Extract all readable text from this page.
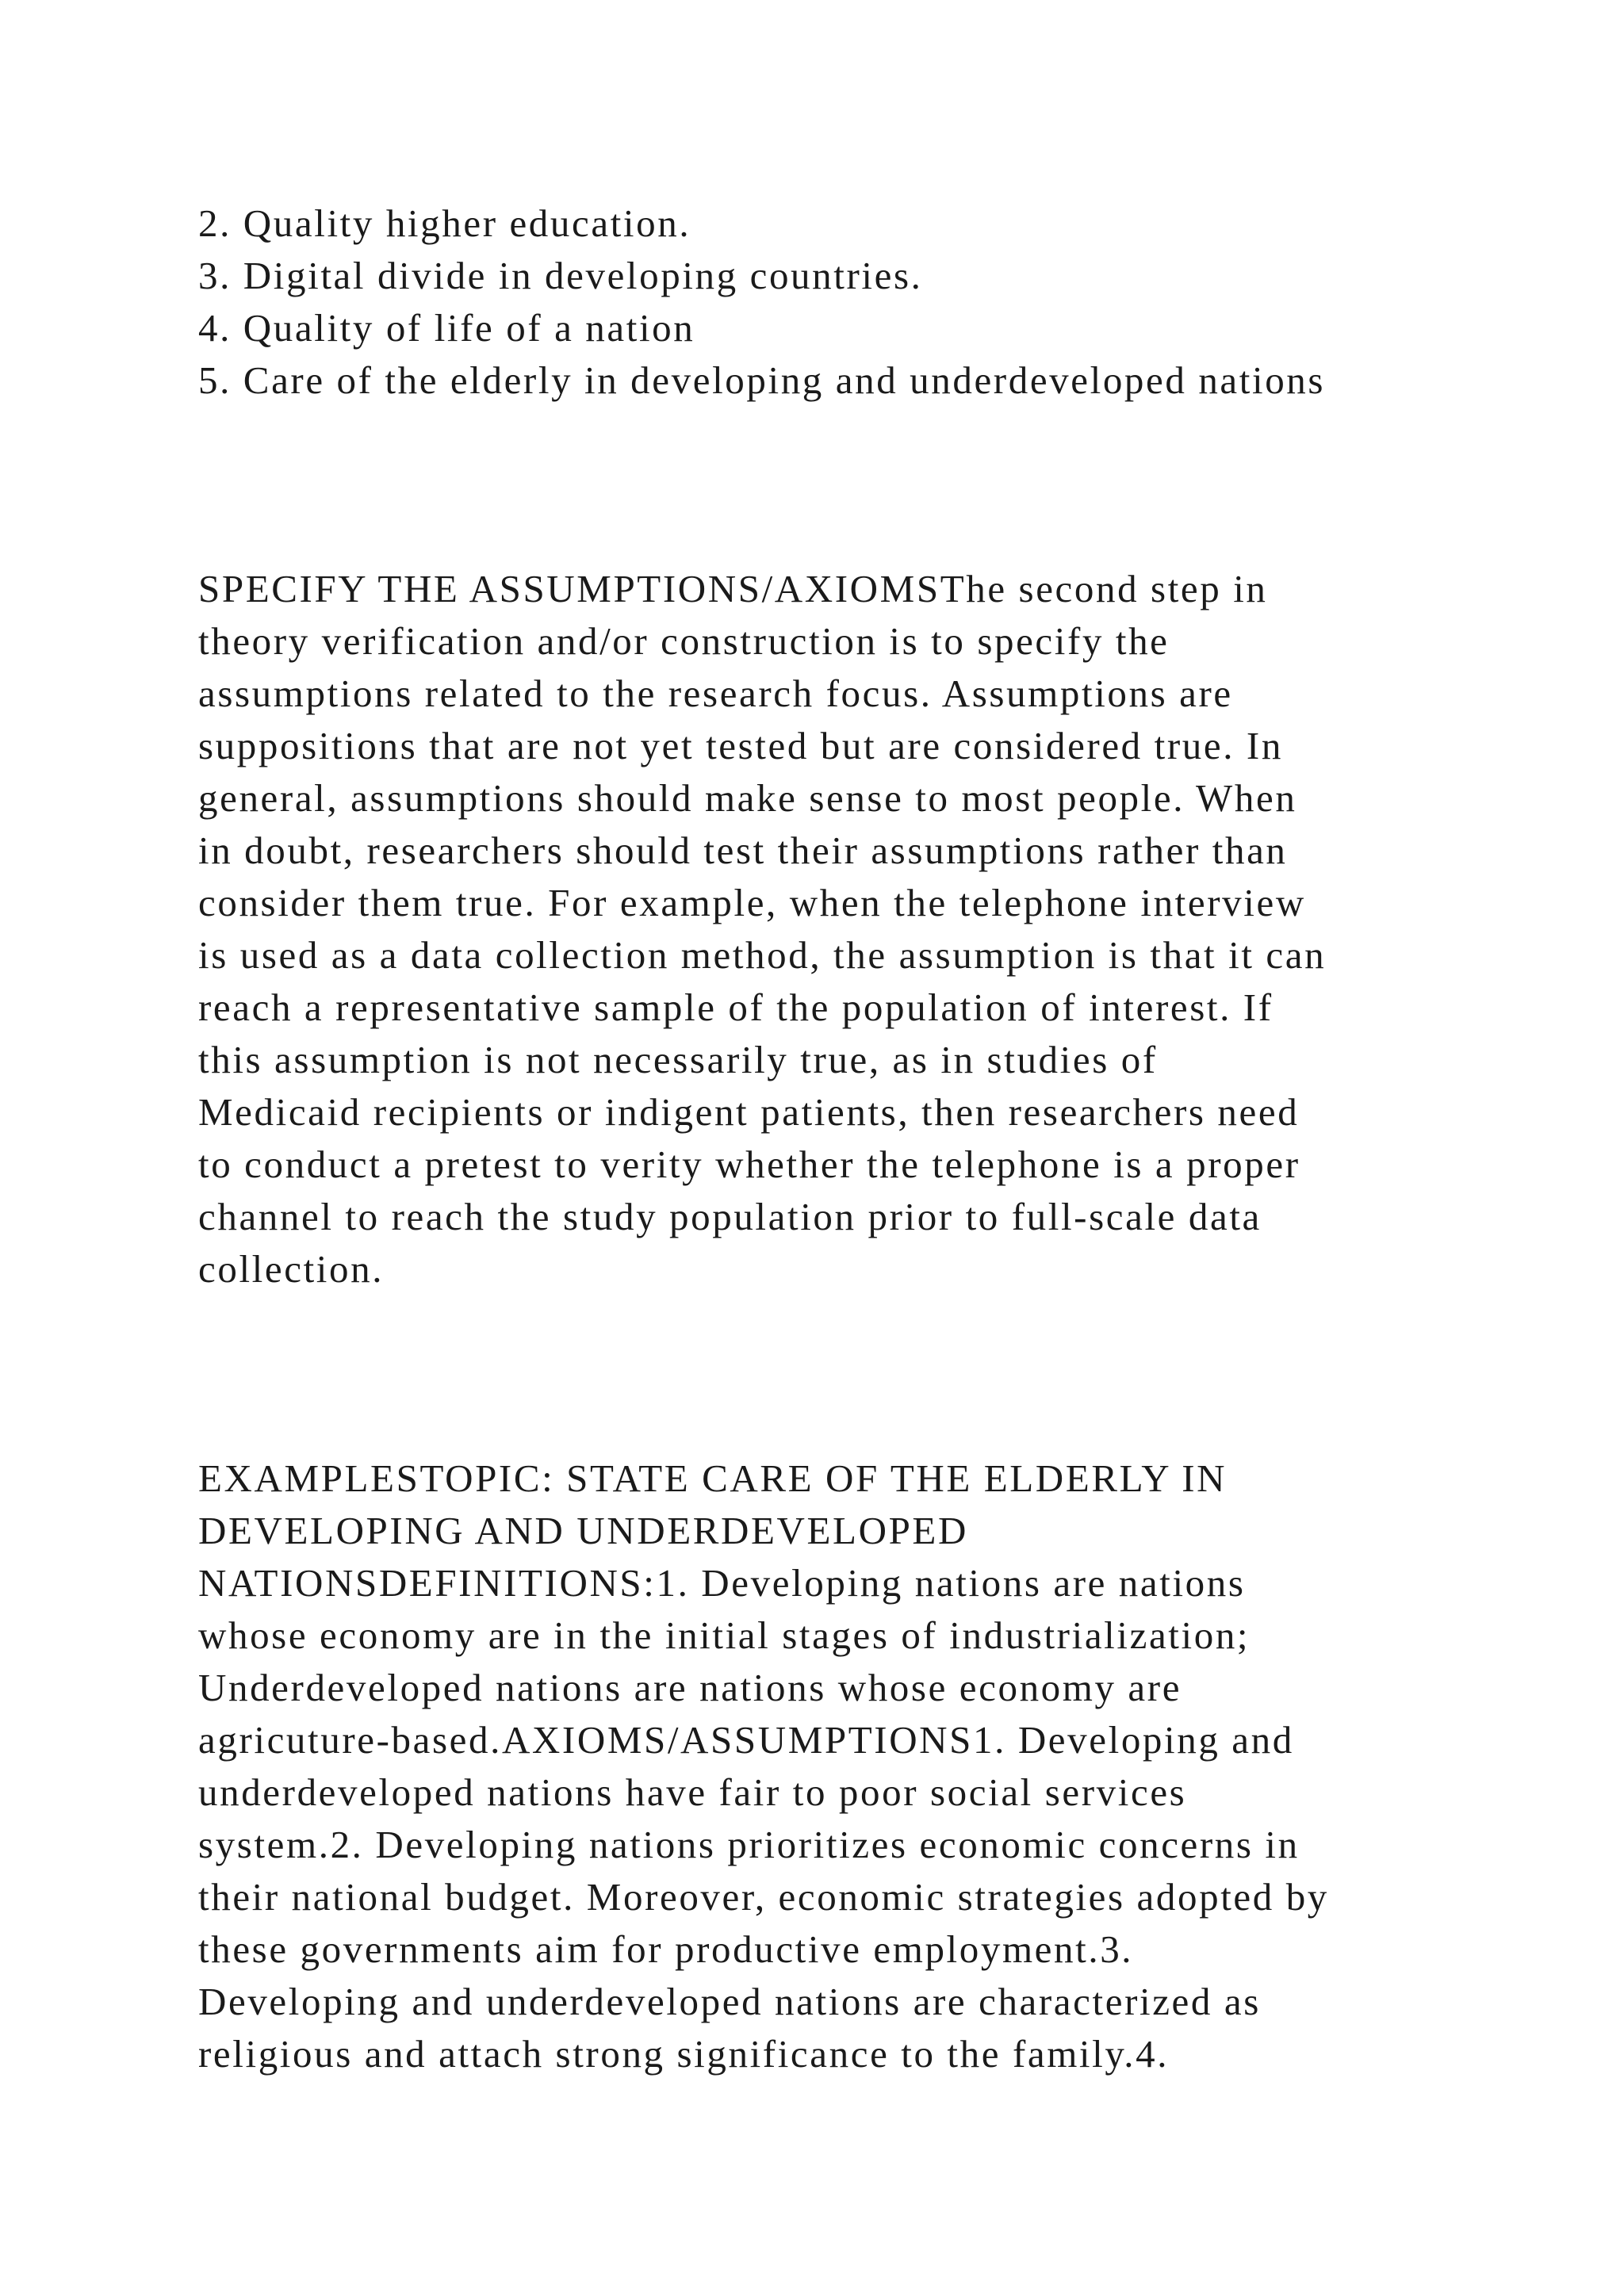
2. Quality higher education.
3. Digital divide in developing countries.
4. Quality of life of a nation
5. Care of the elderly in developing and underdeveloped nations
SPECIFY THE ASSUMPTIONS/AXIOMSThe second step in
theory verification and/or construction is to specify the
assumptions related to the research focus. Assumptions are
suppositions that are not yet tested but are considered true. In
general, assumptions should make sense to most people. When
in doubt, researchers should test their assumptions rather than
consider them true. For example, when the telephone interview
is used as a data collection method, the assumption is that it can
reach a representative sample of the population of interest. If
this assumption is not necessarily true, as in studies of
Medicaid recipients or indigent patients, then researchers need
to conduct a pretest to verity whether the telephone is a proper
channel to reach the study population prior to full-scale data
collection.
EXAMPLESTOPIC: STATE CARE OF THE ELDERLY IN
DEVELOPING AND UNDERDEVELOPED
NATIONSDEFINITIONS:1. Developing nations are nations
whose economy are in the initial stages of industrialization;
Underdeveloped nations are nations whose economy are
agricuture-based.AXIOMS/ASSUMPTIONS1. Developing and
underdeveloped nations have fair to poor social services
system.2. Developing nations prioritizes economic concerns in
their national budget. Moreover, economic strategies adopted by
these governments aim for productive employment.3.
Developing and underdeveloped nations are characterized as
religious and attach strong significance to the family.4.
